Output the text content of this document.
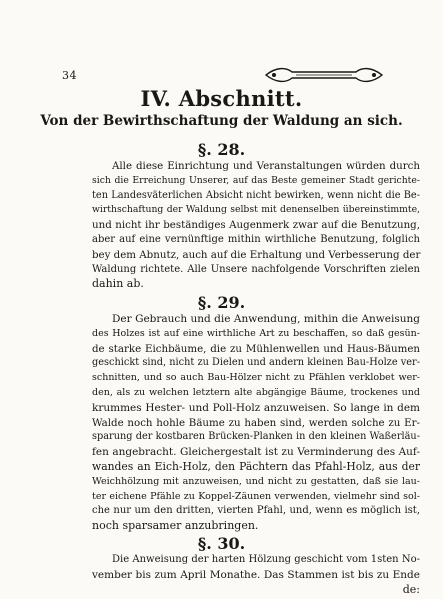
34
IV. Abschnitt.
Von der Bewirthschaftung der Waldung an sich.
§. 28.
Alle diese Einrichtung und Veranstaltungen würden durch
sich die Erreichung Unserer, auf das Beste gemeiner Stadt gerichte-
ten Landesväterlichen Absicht nicht bewirken, wenn nicht die Be-
wirthschaftung der Waldung selbst mit denenselben übereinstimmte,
und nicht ihr beständiges Augenmerk zwar auf die Benutzung,
aber auf eine vernünftige mithin wirthliche Benutzung, folglich
bey dem Abnutz, auch auf die Erhaltung und Verbesserung der
Waldung richtete. Alle Unsere nachfolgende Vorschriften zielen
dahin ab.
§. 29.
Der Gebrauch und die Anwendung, mithin die Anweisung
des Holzes ist auf eine wirthliche Art zu beschaffen, so daß gesün-
de starke Eichbäume, die zu Mühlenwellen und Haus-Bäumen
geschickt sind, nicht zu Dielen und andern kleinen Bau-Holze ver-
schnitten, und so auch Bau-Hölzer nicht zu Pfählen verklobet wer-
den, als zu welchen letztern alte abgängige Bäume, trockenes und
krummes Hester- und Poll-Holz anzuweisen. So lange in dem
Walde noch hohle Bäume zu haben sind, werden solche zu Er-
sparung der kostbaren Brücken-Planken in den kleinen Waßerläu-
fen angebracht. Gleichergestalt ist zu Verminderung des Auf-
wandes an Eich-Holz, den Pächtern das Pfahl-Holz, aus der
Weichhölzung mit anzuweisen, und nicht zu gestatten, daß sie lau-
ter eichene Pfähle zu Koppel-Zäunen verwenden, vielmehr sind sol-
che nur um den dritten, vierten Pfahl, und, wenn es möglich ist,
noch sparsamer anzubringen.
§. 30.
Die Anweisung der harten Hölzung geschicht vom 1sten No-
vember bis zum April Monathe. Das Stammen ist bis zu Ende
de:
